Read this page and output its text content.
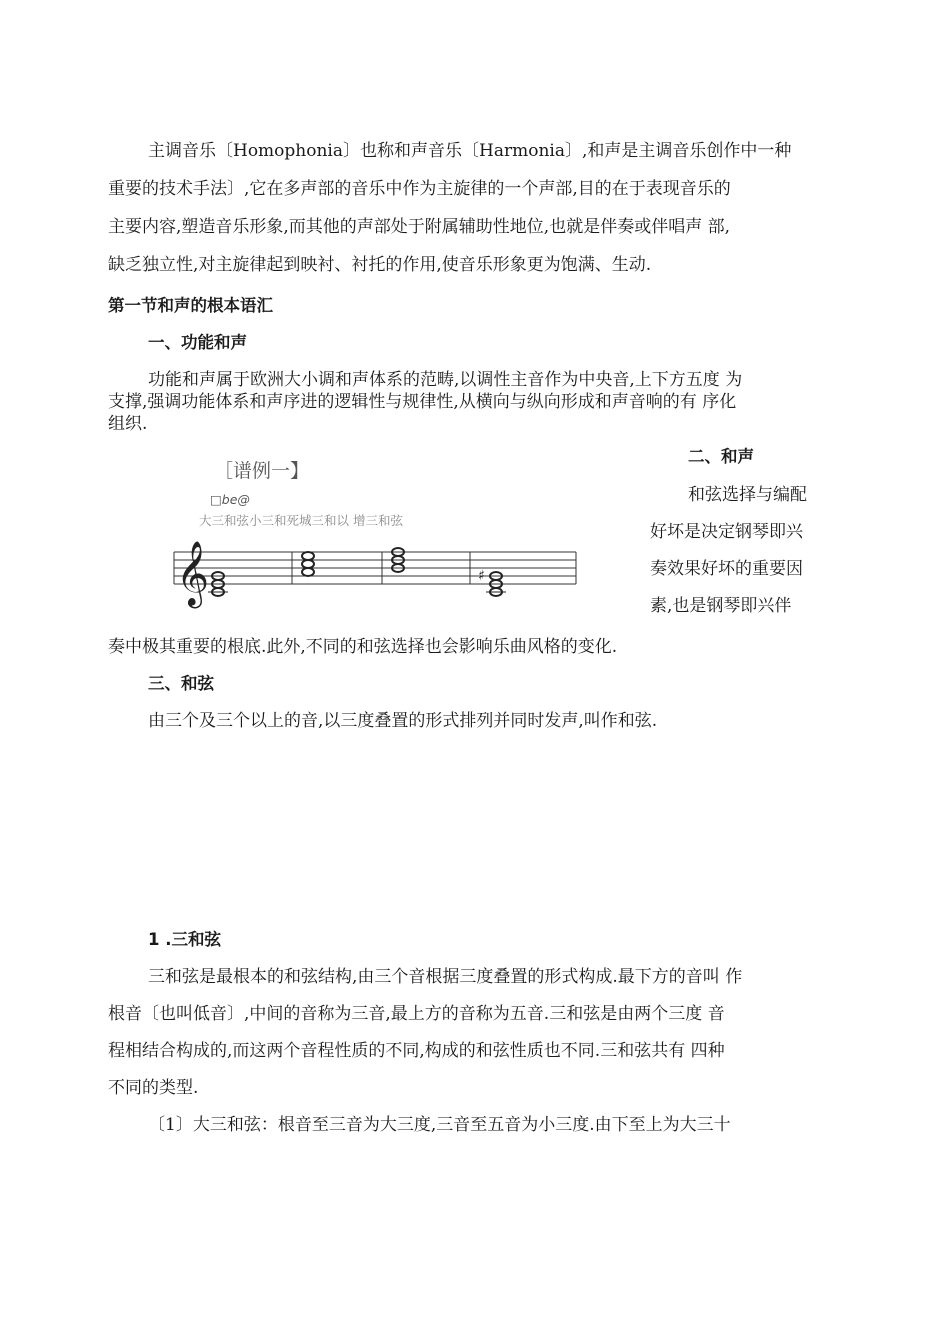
主调音乐〔Homophonia〕也称和声音乐〔Harmonia〕,和声是主调音乐创作中一种
重要的技术手法〕,它在多声部的音乐中作为主旋律的一个声部,目的在于表现音乐的
主要内容,塑造音乐形象,而其他的声部处于附属辅助性地位,也就是伴奏或伴唱声 部,
缺乏独立性,对主旋律起到映衬、衬托的作用,使音乐形象更为饱满、生动.
第一节和声的根本语汇
一、功能和声
功能和声属于欧洲大小调和声体系的范畴,以调性主音作为中央音,上下方五度 为
支撑,强调功能体系和声序进的逻辑性与规律性,从横向与纵向形成和声音响的有 序化
组织.
［谱例一】
□be@
大三和弦小三和死城三和以 增三和弦
𝄞	♯
二、和声
和弦选择与编配
好坏是决定钢琴即兴
奏效果好坏的重要因
素,也是钢琴即兴伴
奏中极其重要的根底.此外,不同的和弦选择也会影响乐曲风格的变化.
三、和弦
由三个及三个以上的音,以三度叠置的形式排列并同时发声,叫作和弦.
1 .三和弦
三和弦是最根本的和弦结构,由三个音根据三度叠置的形式构成.最下方的音叫 作
根音〔也叫低音〕,中间的音称为三音,最上方的音称为五音.三和弦是由两个三度 音
程相结合构成的,而这两个音程性质的不同,构成的和弦性质也不同.三和弦共有 四种
不同的类型.
〔1〕大三和弦：根音至三音为大三度,三音至五音为小三度.由下至上为大三十
